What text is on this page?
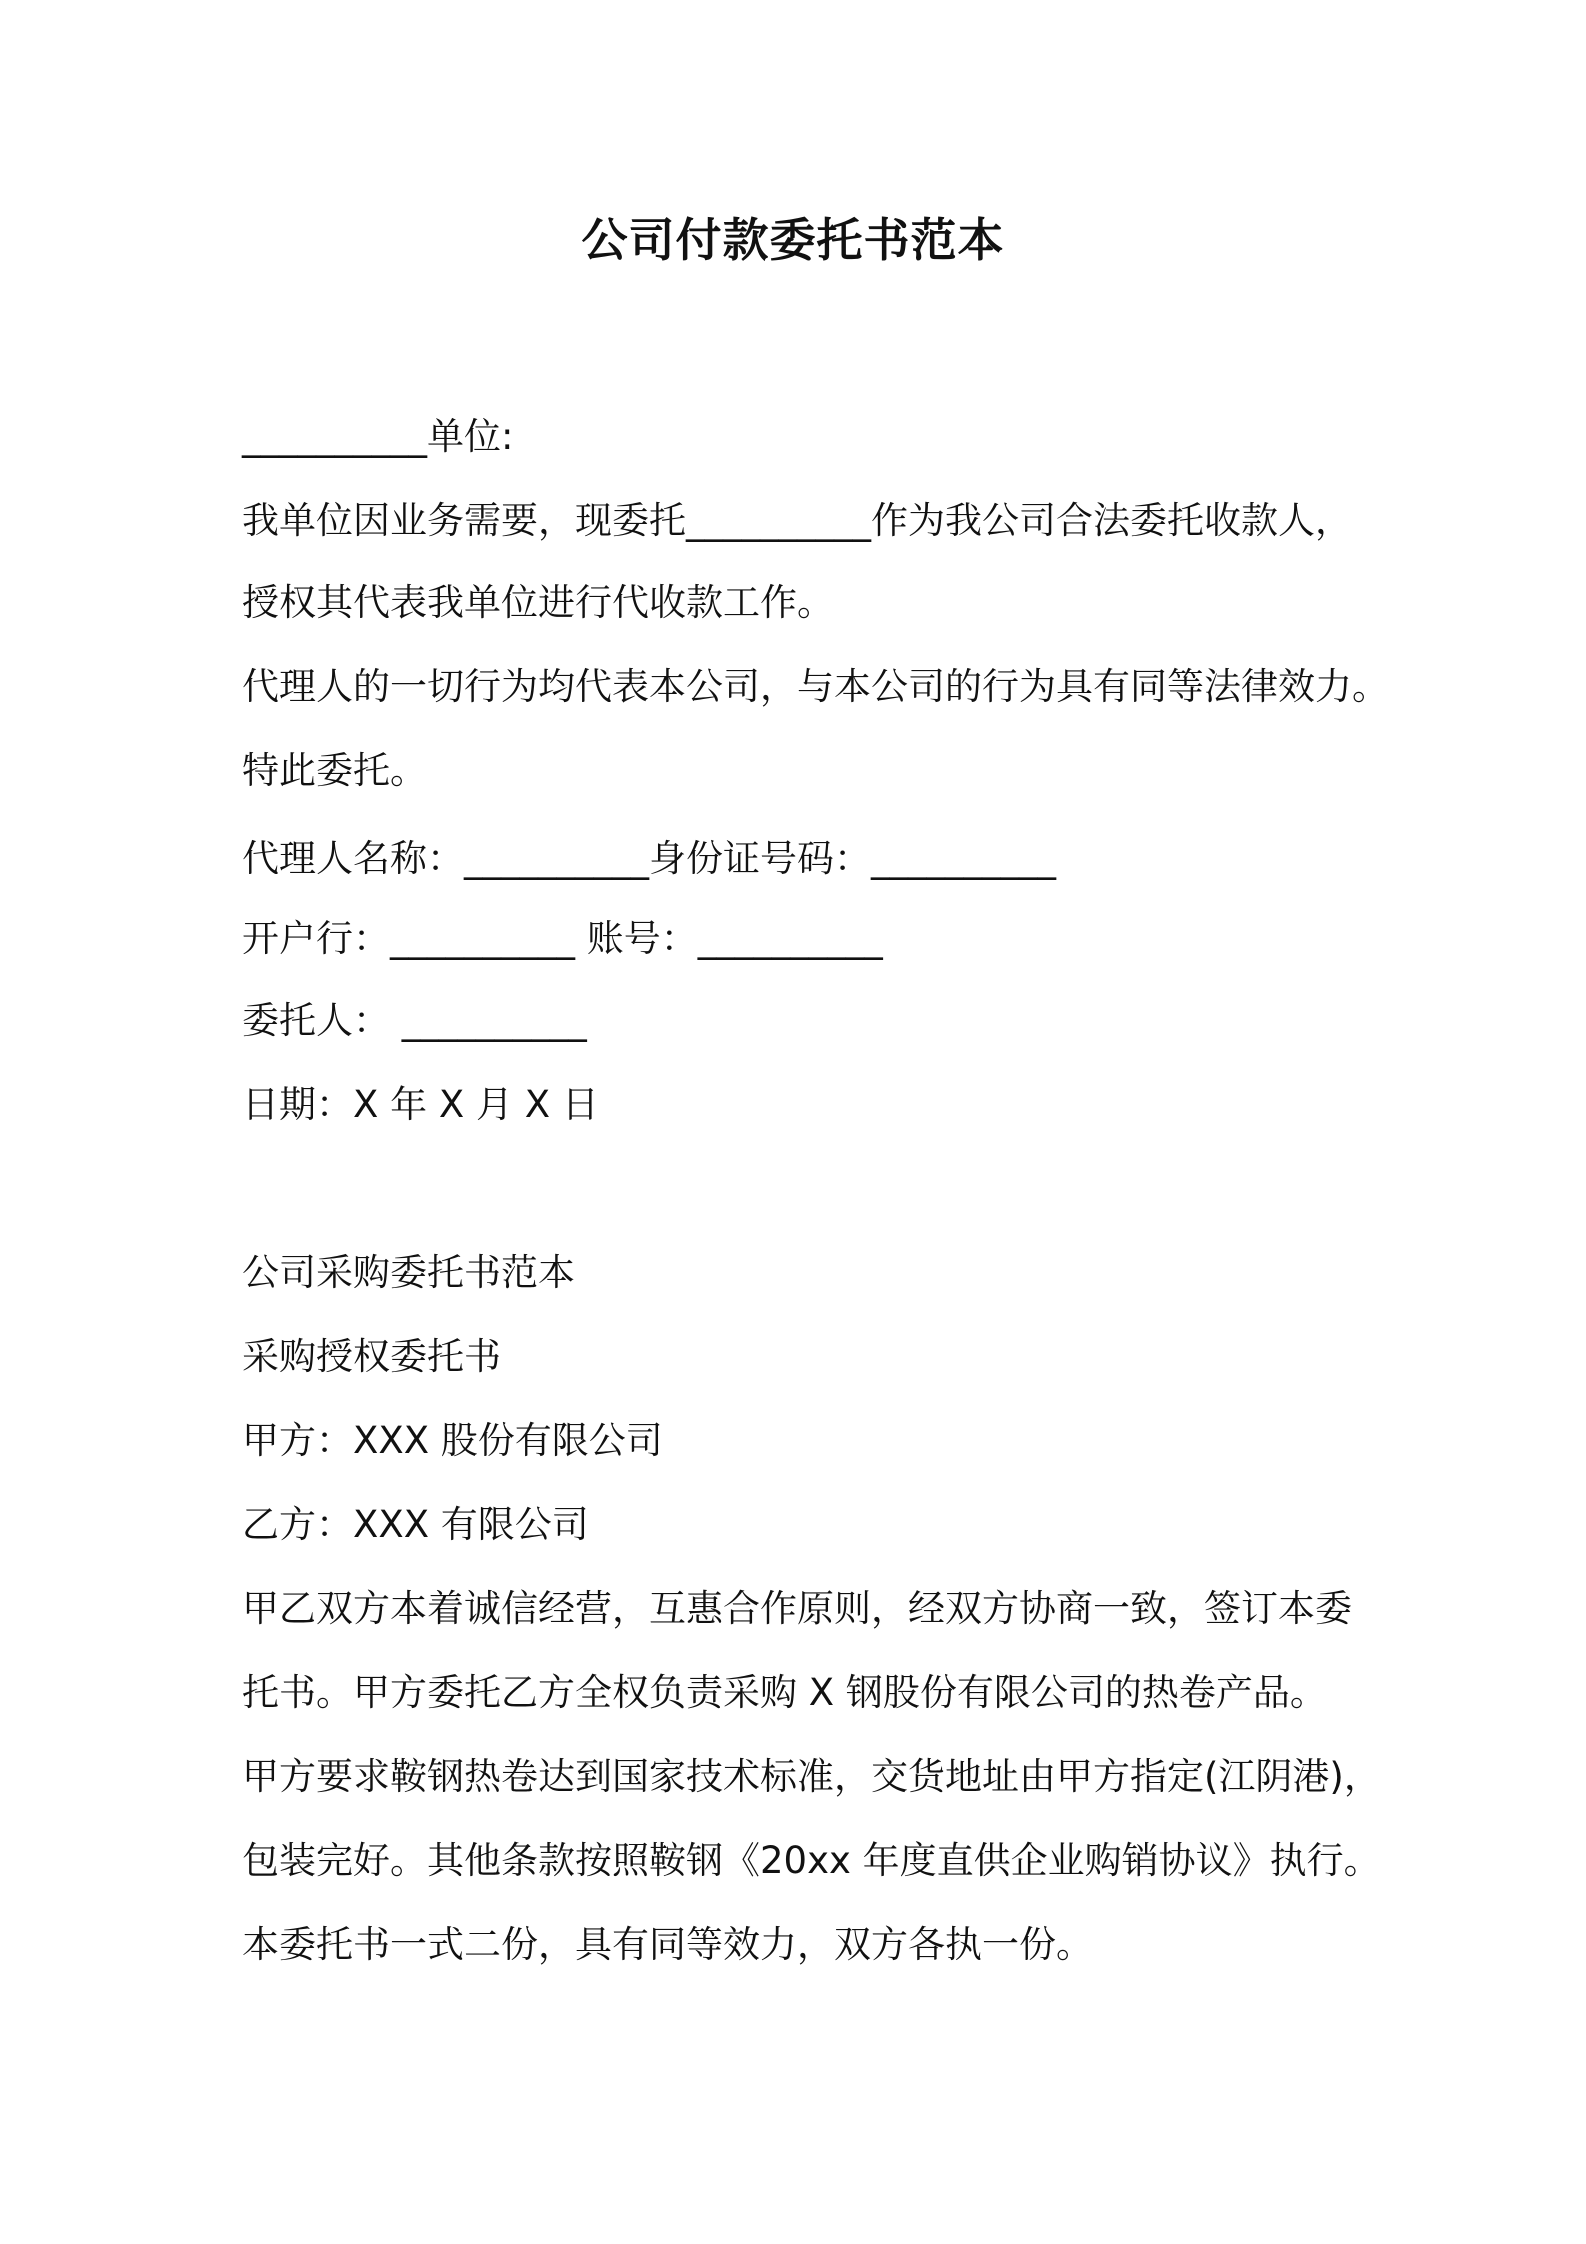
公司付款委托书范本
__________单位:
我单位因业务需要，现委托__________作为我公司合法委托收款人，
授权其代表我单位进行代收款工作。
代理人的一切行为均代表本公司，与本公司的行为具有同等法律效力。
特此委托。
代理人名称：__________身份证号码：__________
开户行：__________ 账号：__________
委托人： __________
日期：X 年 X 月 X 日
公司采购委托书范本
采购授权委托书
甲方：XXX 股份有限公司
乙方：XXX 有限公司
甲乙双方本着诚信经营，互惠合作原则，经双方协商一致，签订本委
托书。甲方委托乙方全权负责采购 X 钢股份有限公司的热卷产品。
甲方要求鞍钢热卷达到国家技术标准，交货地址由甲方指定(江阴港)，
包装完好。其他条款按照鞍钢《20xx 年度直供企业购销协议》执行。
本委托书一式二份，具有同等效力，双方各执一份。
